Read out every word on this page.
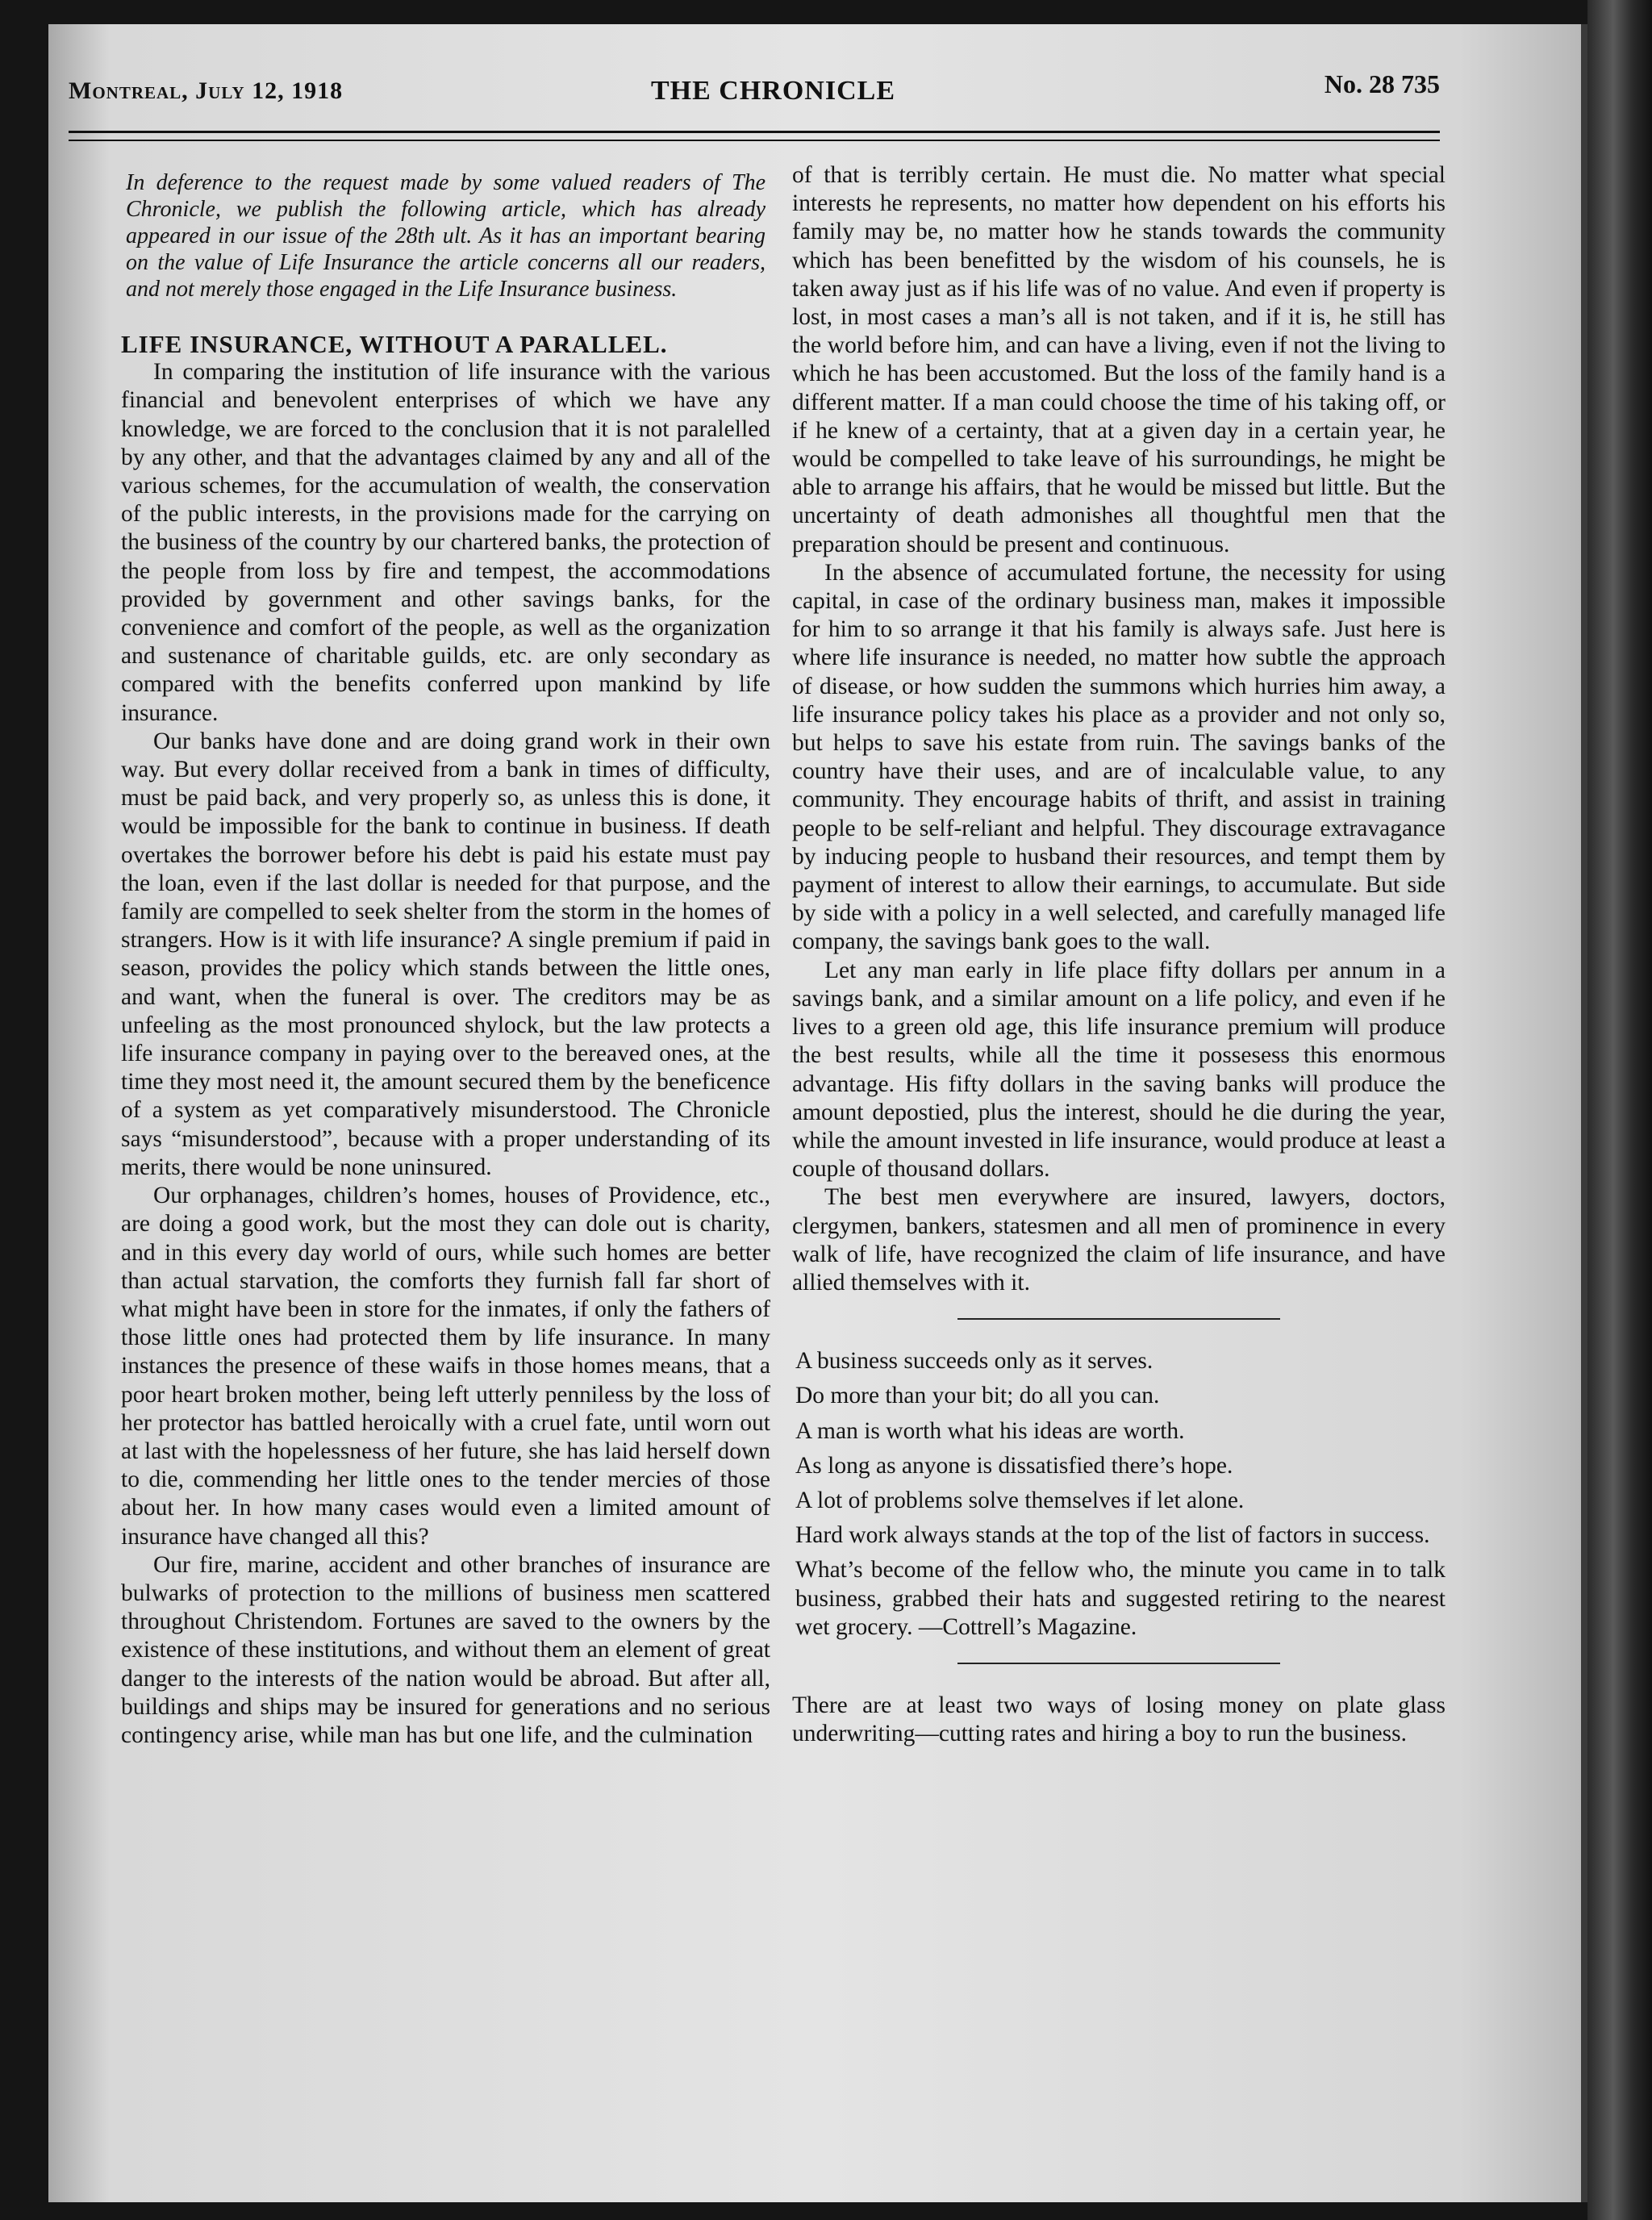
Montreal, July 12, 1918	THE CHRONICLE	No. 28 735

In deference to the request made by some valued readers of The Chronicle, we publish the following article, which has already appeared in our issue of the 28th ult. As it has an important bearing on the value of Life Insurance the article concerns all our readers, and not merely those engaged in the Life Insurance business.

LIFE INSURANCE, WITHOUT A PARALLEL.

In comparing the institution of life insurance with the various financial and benevolent enterprises of which we have any knowledge, we are forced to the conclusion that it is not paralelled by any other, and that the advantages claimed by any and all of the various schemes, for the accumulation of wealth, the conservation of the public interests, in the provisions made for the carrying on the business of the country by our chartered banks, the protection of the people from loss by fire and tempest, the accommodations provided by government and other savings banks, for the convenience and comfort of the people, as well as the organization and sustenance of charitable guilds, etc. are only secondary as compared with the benefits conferred upon mankind by life insurance.

Our banks have done and are doing grand work in their own way. But every dollar received from a bank in times of difficulty, must be paid back, and very properly so, as unless this is done, it would be impossible for the bank to continue in business. If death overtakes the borrower before his debt is paid his estate must pay the loan, even if the last dollar is needed for that purpose, and the family are compelled to seek shelter from the storm in the homes of strangers. How is it with life insurance? A single premium if paid in season, provides the policy which stands between the little ones, and want, when the funeral is over. The creditors may be as unfeeling as the most pronounced shylock, but the law protects a life insurance company in paying over to the bereaved ones, at the time they most need it, the amount secured them by the beneficence of a system as yet comparatively misunderstood. The Chronicle says “misunderstood”, because with a proper understanding of its merits, there would be none uninsured.

Our orphanages, children’s homes, houses of Providence, etc., are doing a good work, but the most they can dole out is charity, and in this every day world of ours, while such homes are better than actual starvation, the comforts they furnish fall far short of what might have been in store for the inmates, if only the fathers of those little ones had protected them by life insurance. In many instances the presence of these waifs in those homes means, that a poor heart broken mother, being left utterly penniless by the loss of her protector has battled heroically with a cruel fate, until worn out at last with the hopelessness of her future, she has laid herself down to die, commending her little ones to the tender mercies of those about her. In how many cases would even a limited amount of insurance have changed all this?

Our fire, marine, accident and other branches of insurance are bulwarks of protection to the millions of business men scattered throughout Christendom. Fortunes are saved to the owners by the existence of these institutions, and without them an element of great danger to the interests of the nation would be abroad. But after all, buildings and ships may be insured for generations and no serious contingency arise, while man has but one life, and the culmination

of that is terribly certain. He must die. No matter what special interests he represents, no matter how dependent on his efforts his family may be, no matter how he stands towards the community which has been benefitted by the wisdom of his counsels, he is taken away just as if his life was of no value. And even if property is lost, in most cases a man’s all is not taken, and if it is, he still has the world before him, and can have a living, even if not the living to which he has been accustomed. But the loss of the family hand is a different matter. If a man could choose the time of his taking off, or if he knew of a certainty, that at a given day in a certain year, he would be compelled to take leave of his surroundings, he might be able to arrange his affairs, that he would be missed but little. But the uncertainty of death admonishes all thoughtful men that the preparation should be present and continuous.

In the absence of accumulated fortune, the necessity for using capital, in case of the ordinary business man, makes it impossible for him to so arrange it that his family is always safe. Just here is where life insurance is needed, no matter how subtle the approach of disease, or how sudden the summons which hurries him away, a life insurance policy takes his place as a provider and not only so, but helps to save his estate from ruin. The savings banks of the country have their uses, and are of incalculable value, to any community. They encourage habits of thrift, and assist in training people to be self-reliant and helpful. They discourage extravagance by inducing people to husband their resources, and tempt them by payment of interest to allow their earnings, to accumulate. But side by side with a policy in a well selected, and carefully managed life company, the savings bank goes to the wall.

Let any man early in life place fifty dollars per annum in a savings bank, and a similar amount on a life policy, and even if he lives to a green old age, this life insurance premium will produce the best results, while all the time it possesess this enormous advantage. His fifty dollars in the saving banks will produce the amount depostied, plus the interest, should he die during the year, while the amount invested in life insurance, would produce at least a couple of thousand dollars.

The best men everywhere are insured, lawyers, doctors, clergymen, bankers, statesmen and all men of prominence in every walk of life, have recognized the claim of life insurance, and have allied themselves with it.

A business succeeds only as it serves.

Do more than your bit; do all you can.

A man is worth what his ideas are worth.

As long as anyone is dissatisfied there’s hope.

A lot of problems solve themselves if let alone.

Hard work always stands at the top of the list of factors in success.

What’s become of the fellow who, the minute you came in to talk business, grabbed their hats and suggested retiring to the nearest wet grocery. —Cottrell’s Magazine.

There are at least two ways of losing money on plate glass underwriting—cutting rates and hiring a boy to run the business.
